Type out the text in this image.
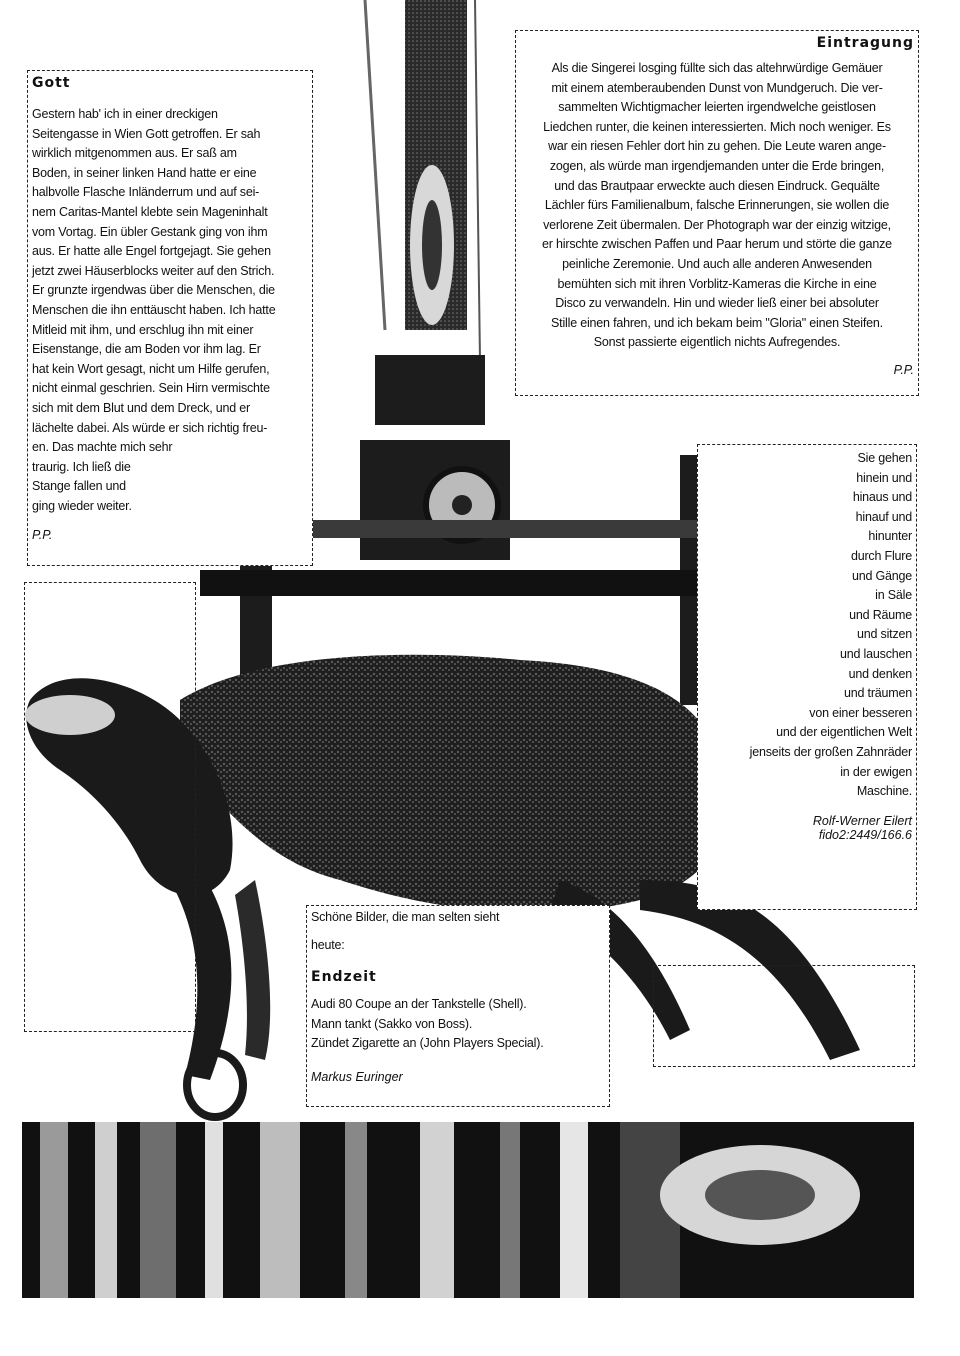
Gott
Gestern hab' ich in einer dreckigen
Seitengasse in Wien Gott getroffen. Er sah
wirklich mitgenommen aus. Er saß am
Boden, in seiner linken Hand hatte er eine
halbvolle Flasche Inländerrum und auf sei-
nem Caritas-Mantel klebte sein Mageninhalt
vom Vortag. Ein übler Gestank ging von ihm
aus. Er hatte alle Engel fortgejagt. Sie gehen
jetzt zwei Häuserblocks weiter auf den Strich.
Er grunzte irgendwas über die Menschen, die
Menschen die ihn enttäuscht haben. Ich hatte
Mitleid mit ihm, und erschlug ihn mit einer
Eisenstange, die am Boden vor ihm lag. Er
hat kein Wort gesagt, nicht um Hilfe gerufen,
nicht einmal geschrien. Sein Hirn vermischte
sich mit dem Blut und dem Dreck, und er
lächelte dabei. Als würde er sich richtig freu-
en. Das machte mich sehr
traurig. Ich ließ die
Stange fallen und
ging wieder weiter.
P.P.
Eintragung
Als die Singerei losging füllte sich das altehrwürdige Gemäuer
mit einem atemberaubenden Dunst von Mundgeruch. Die ver-
sammelten Wichtigmacher leierten irgendwelche geistlosen
Liedchen runter, die keinen interessierten. Mich noch weniger. Es
war ein riesen Fehler dort hin zu gehen. Die Leute waren ange-
zogen, als würde man irgendjemanden unter die Erde bringen,
und das Brautpaar erweckte auch diesen Eindruck. Gequälte
Lächler fürs Familienalbum, falsche Erinnerungen, sie wollen die
verlorene Zeit übermalen. Der Photograph war der einzig witzige,
er hirschte zwischen Paffen und Paar herum und störte die ganze
peinliche Zeremonie. Und auch alle anderen Anwesenden
bemühten sich mit ihren Vorblitz-Kameras die Kirche in eine
Disco zu verwandeln. Hin und wieder ließ einer bei absoluter
Stille einen fahren, und ich bekam beim "Gloria" einen Steifen.
Sonst passierte eigentlich nichts Aufregendes.
P.P.
Sie gehen
hinein und
hinaus und
hinauf und
hinunter
durch Flure
und Gänge
in Säle
und Räume
und sitzen
und lauschen
und denken
und träumen
von einer besseren
und der eigentlichen Welt
jenseits der großen Zahnräder
in der ewigen
Maschine.
Rolf-Werner Eilert
fido2:2449/166.6
Schöne Bilder, die man selten sieht
heute:
Endzeit
Audi 80 Coupe an der Tankstelle (Shell).
Mann tankt (Sakko von Boss).
Zündet Zigarette an (John Players Special).
Markus Euringer
